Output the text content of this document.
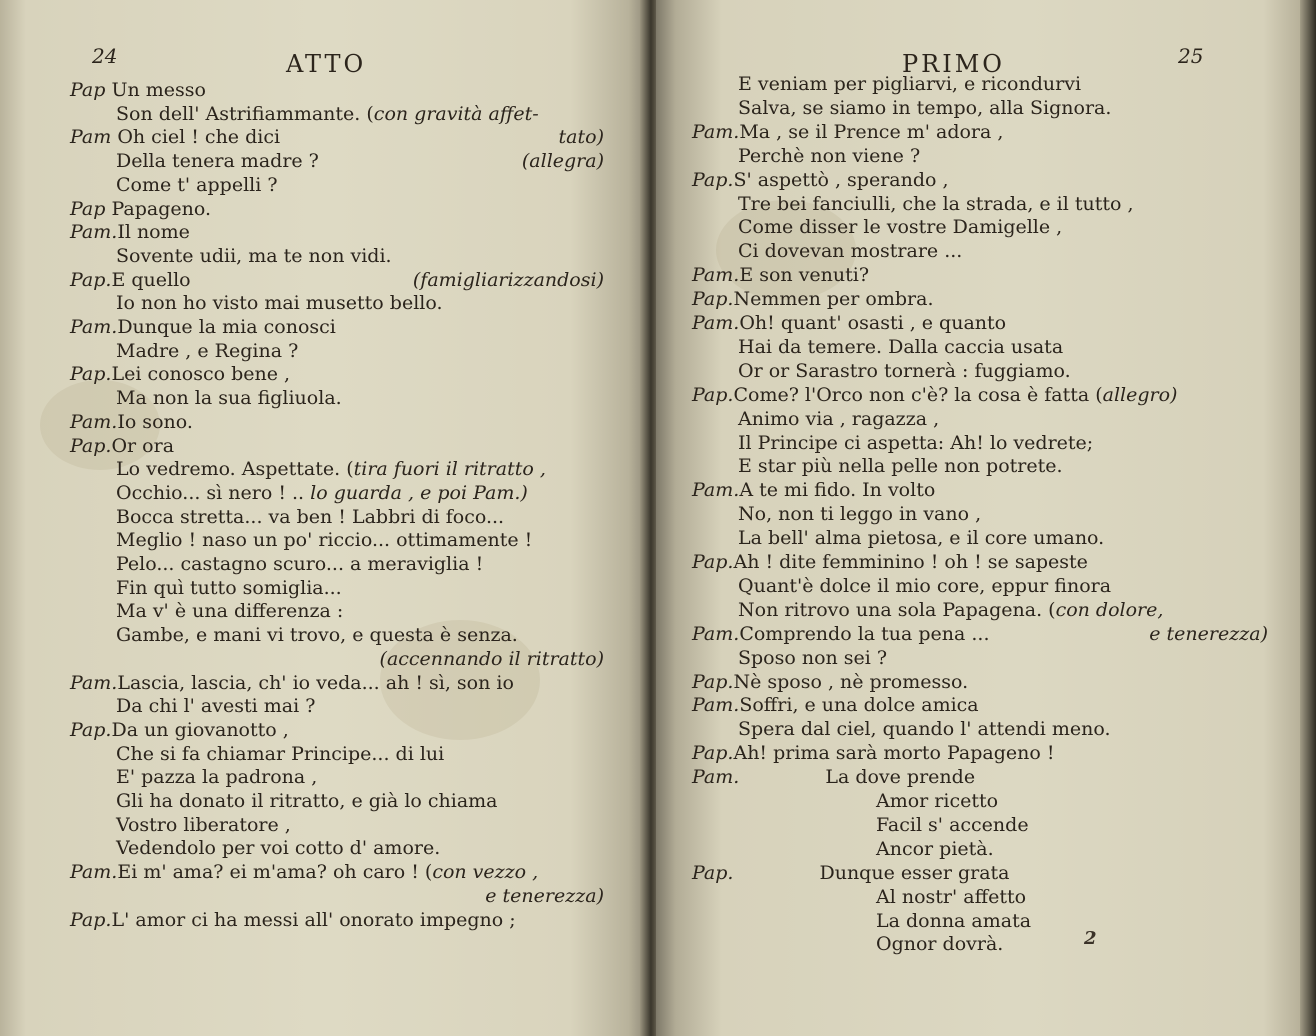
24	ATTO
Pap Un messo
Son dell' Astrifiammante. (con gravità affet-
Pam Oh ciel ! che dici	tato)
Della tenera madre ?	(allegra)
Come t' appelli ?
Pap Papageno.
Pam.Il nome
Sovente udii, ma te non vidi.
Pap.E quello	(famigliarizzandosi)
Io non ho visto mai musetto bello.
Pam.Dunque la mia conosci
Madre , e Regina ?
Pap.Lei conosco bene ,
Ma non la sua figliuola.
Pam.Io sono.
Pap.Or ora
Lo vedremo. Aspettate. (tira fuori il ritratto ,
Occhio... sì nero ! .. lo guarda , e poi Pam.)
Bocca stretta... va ben ! Labbri di foco...
Meglio ! naso un po' riccio... ottimamente !
Pelo... castagno scuro... a meraviglia !
Fin quì tutto somiglia...
Ma v' è una differenza :
Gambe, e mani vi trovo, e questa è senza.
(accennando il ritratto)
Pam.Lascia, lascia, ch' io veda... ah ! sì, son io
Da chi l' avesti mai ?
Pap.Da un giovanotto ,
Che si fa chiamar Principe... di lui
E' pazza la padrona ,
Gli ha donato il ritratto, e già lo chiama
Vostro liberatore ,
Vedendolo per voi cotto d' amore.
Pam.Ei m' ama? ei m'ama? oh caro ! (con vezzo ,
e tenerezza)
Pap.L' amor ci ha messi all' onorato impegno ;
PRIMO	25
E veniam per pigliarvi, e ricondurvi
Salva, se siamo in tempo, alla Signora.
Pam.Ma , se il Prence m' adora ,
Perchè non viene ?
Pap.S' aspettò , sperando ,
Tre bei fanciulli, che la strada, e il tutto ,
Come disser le vostre Damigelle ,
Ci dovevan mostrare ...
Pam.E son venuti?
Pap.Nemmen per ombra.
Pam.Oh! quant' osasti , e quanto
Hai da temere. Dalla caccia usata
Or or Sarastro tornerà : fuggiamo.
Pap.Come? l'Orco non c'è? la cosa è fatta (allegro)
Animo via , ragazza ,
Il Principe ci aspetta: Ah! lo vedrete;
E star più nella pelle non potrete.
Pam.A te mi fido. In volto
No, non ti leggo in vano ,
La bell' alma pietosa, e il core umano.
Pap.Ah ! dite femminino ! oh ! se sapeste
Quant'è dolce il mio core, eppur finora
Non ritrovo una sola Papagena. (con dolore,
Pam.Comprendo la tua pena ...	e tenerezza)
Sposo non sei ?
Pap.Nè sposo , nè promesso.
Pam.Soffri, e una dolce amica
Spera dal ciel, quando l' attendi meno.
Pap.Ah! prima sarà morto Papageno !
Pam.	La dove prende
Amor ricetto
Facil s' accende
Ancor pietà.
Pap.	Dunque esser grata
Al nostr' affetto
La donna amata
Ognor dovrà.	2
